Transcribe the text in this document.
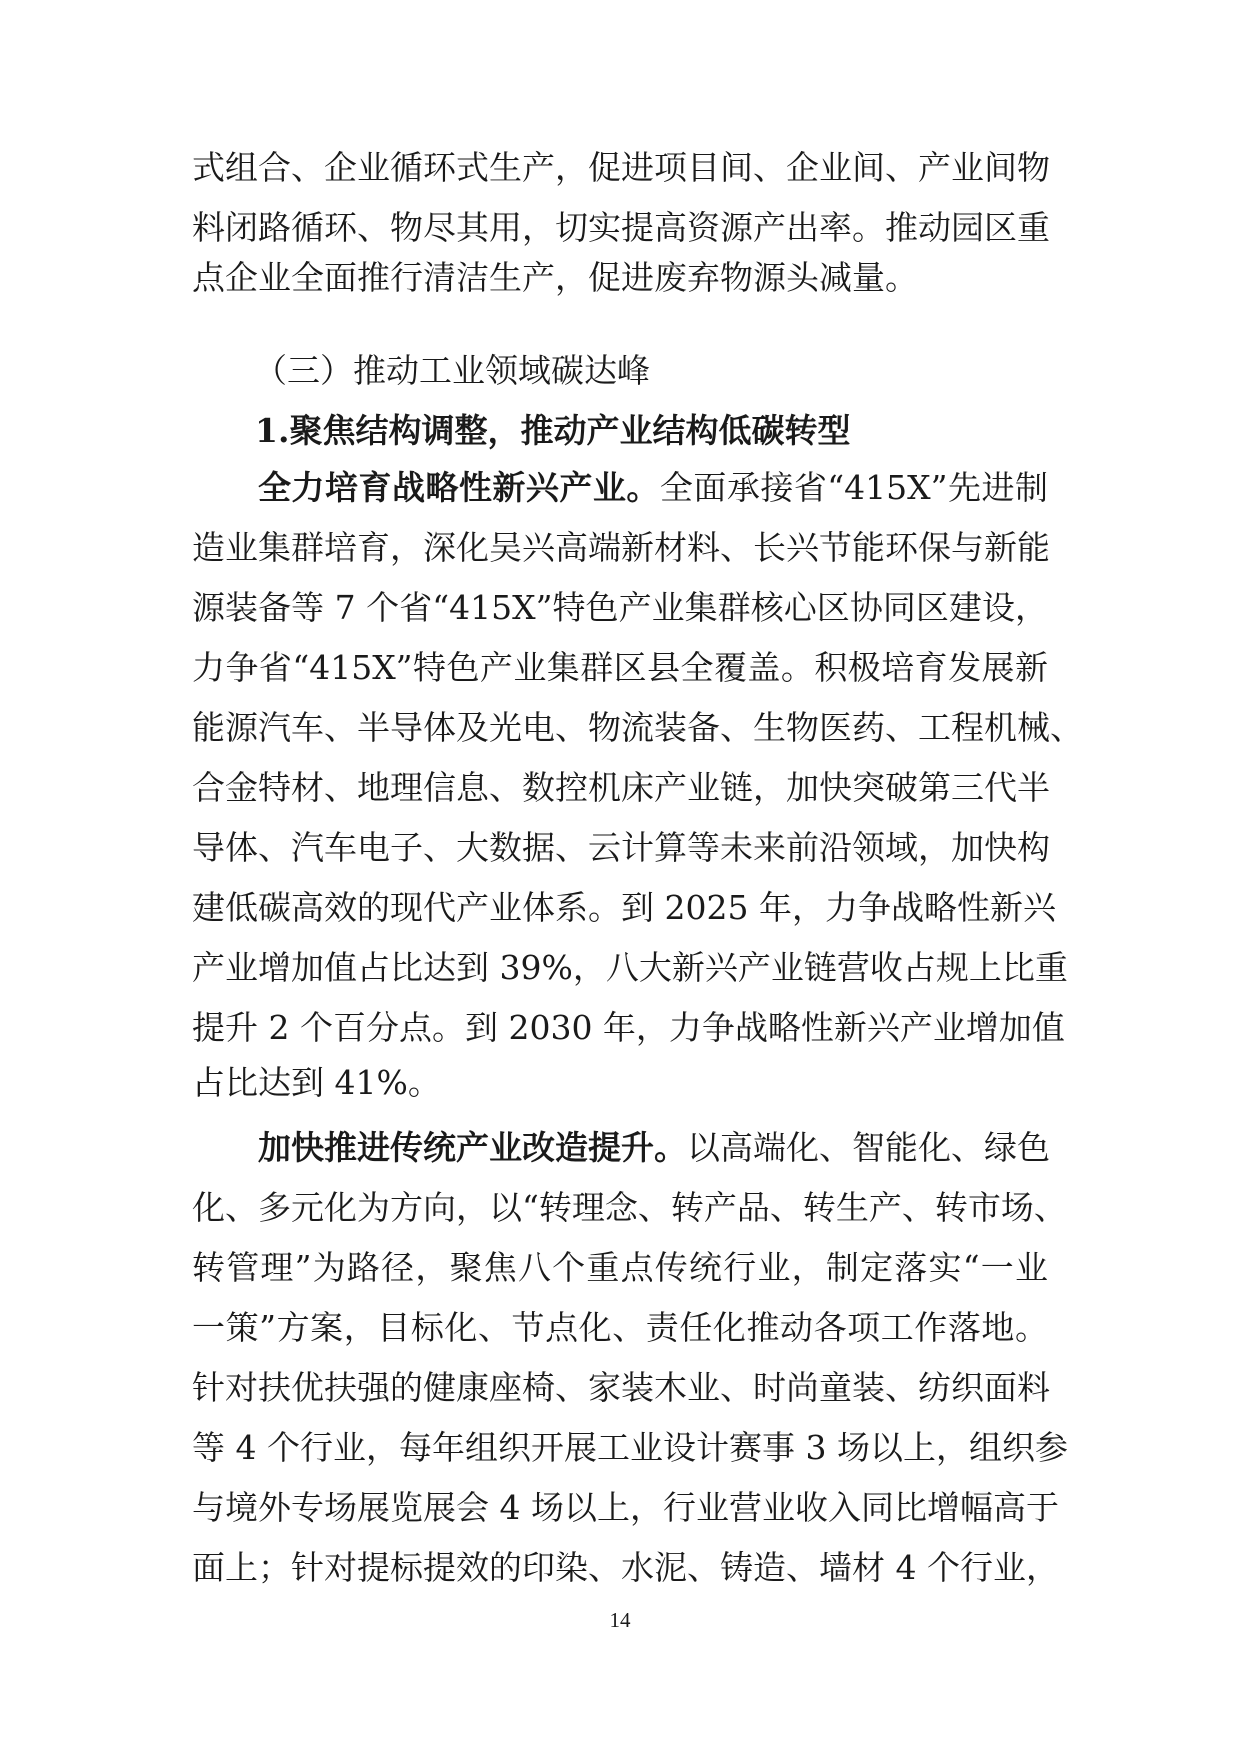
式组合、企业循环式生产，促进项目间、企业间、产业间物
料闭路循环、物尽其用，切实提高资源产出率。推动园区重
点企业全面推行清洁生产，促进废弃物源头减量。
（三）推动工业领域碳达峰
1.聚焦结构调整，推动产业结构低碳转型
全力培育战略性新兴产业。全面承接省“415X”先进制
造业集群培育，深化吴兴高端新材料、长兴节能环保与新能
源装备等 7 个省“415X”特色产业集群核心区协同区建设，
力争省“415X”特色产业集群区县全覆盖。积极培育发展新
能源汽车、半导体及光电、物流装备、生物医药、工程机械、
合金特材、地理信息、数控机床产业链，加快突破第三代半
导体、汽车电子、大数据、云计算等未来前沿领域，加快构
建低碳高效的现代产业体系。到 2025 年，力争战略性新兴
产业增加值占比达到 39%，八大新兴产业链营收占规上比重
提升 2 个百分点。到 2030 年，力争战略性新兴产业增加值
占比达到 41%。
加快推进传统产业改造提升。以高端化、智能化、绿色
化、多元化为方向，以“转理念、转产品、转生产、转市场、
转管理”为路径，聚焦八个重点传统行业，制定落实“一业
一策”方案，目标化、节点化、责任化推动各项工作落地。
针对扶优扶强的健康座椅、家装木业、时尚童装、纺织面料
等 4 个行业，每年组织开展工业设计赛事 3 场以上，组织参
与境外专场展览展会 4 场以上，行业营业收入同比增幅高于
面上；针对提标提效的印染、水泥、铸造、墙材 4 个行业，
14
